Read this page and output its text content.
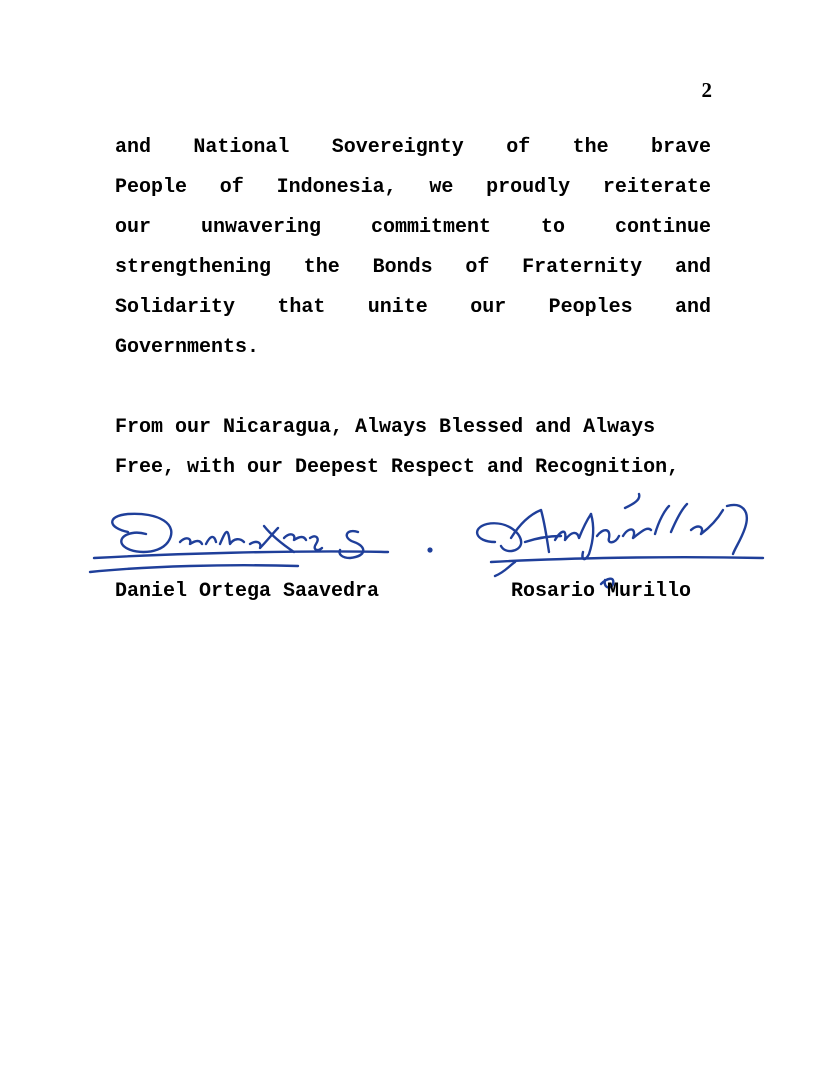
2
and National Sovereignty of the brave
People of Indonesia, we proudly reiterate
our unwavering commitment to continue
strengthening the Bonds of Fraternity and
Solidarity that unite our Peoples and
Governments.
From our Nicaragua, Always Blessed and Always
Free, with our Deepest Respect and Recognition,
Daniel Ortega Saavedra	Rosario Murillo
